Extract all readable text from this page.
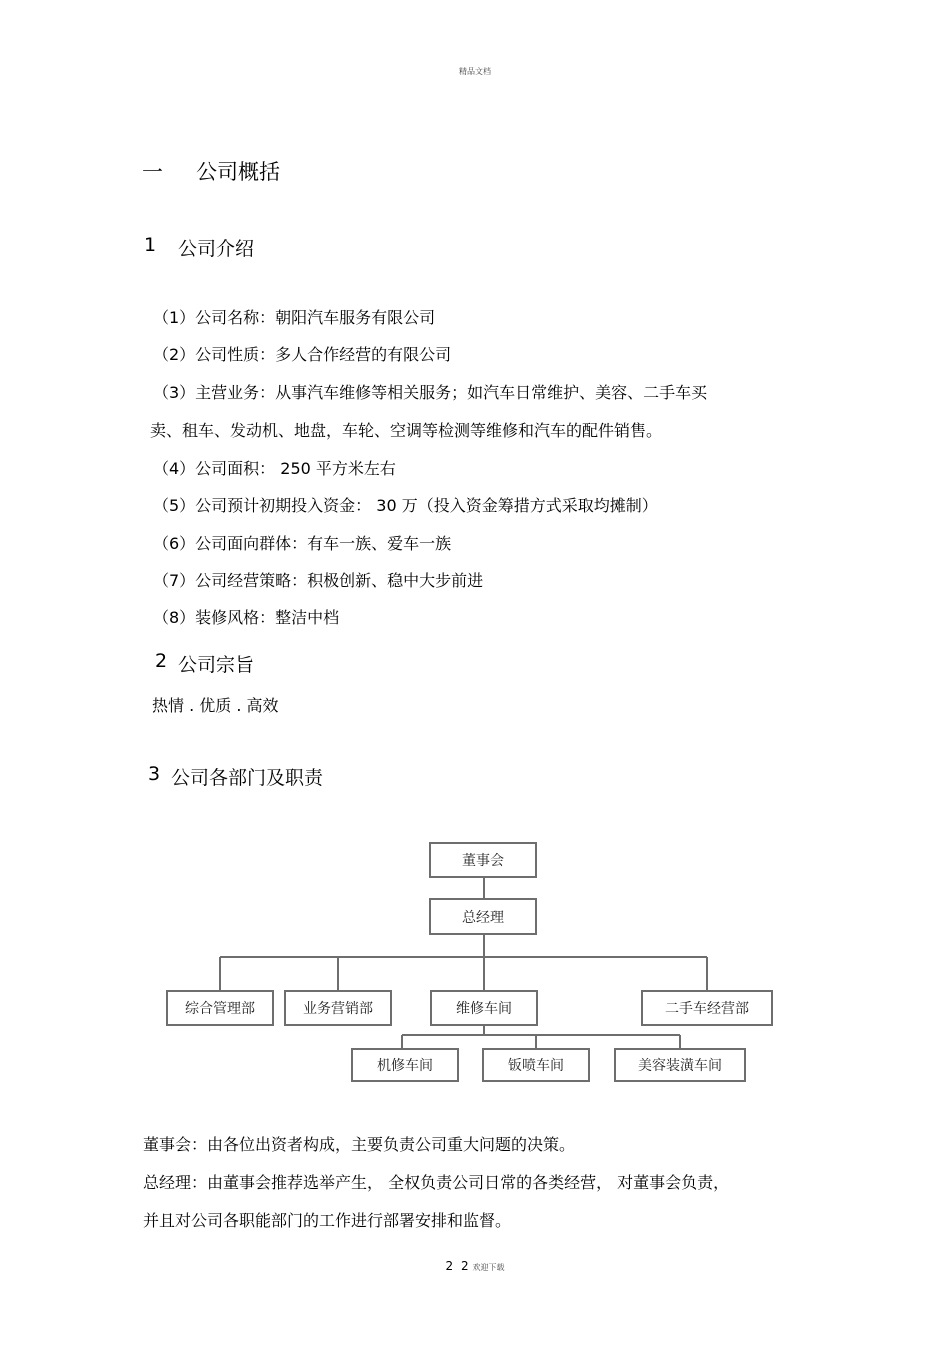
精品文档
一 公司概括
1 公司介绍
（1）公司名称：朝阳汽车服务有限公司
（2）公司性质：多人合作经营的有限公司
（3）主营业务：从事汽车维修等相关服务；如汽车日常维护、美容、二手车买
卖、租车、发动机、地盘，车轮、空调等检测等维修和汽车的配件销售。
（4）公司面积： 250 平方米左右
（5）公司预计初期投入资金： 30 万（投入资金筹措方式采取均摊制）
（6）公司面向群体：有车一族、爱车一族
（7）公司经营策略：积极创新、稳中大步前进
（8）装修风格：整洁中档
2 公司宗旨
热情 . 优质 . 高效
3 公司各部门及职责
董事会
总经理
综合管理部	业务营销部	维修车间	二手车经营部
机修车间	钣喷车间	美容装潢车间
董事会：由各位出资者构成，主要负责公司重大问题的决策。
总经理：由董事会推荐选举产生， 全权负责公司日常的各类经营， 对董事会负责，
并且对公司各职能部门的工作进行部署安排和监督。
2 2 欢迎下载
